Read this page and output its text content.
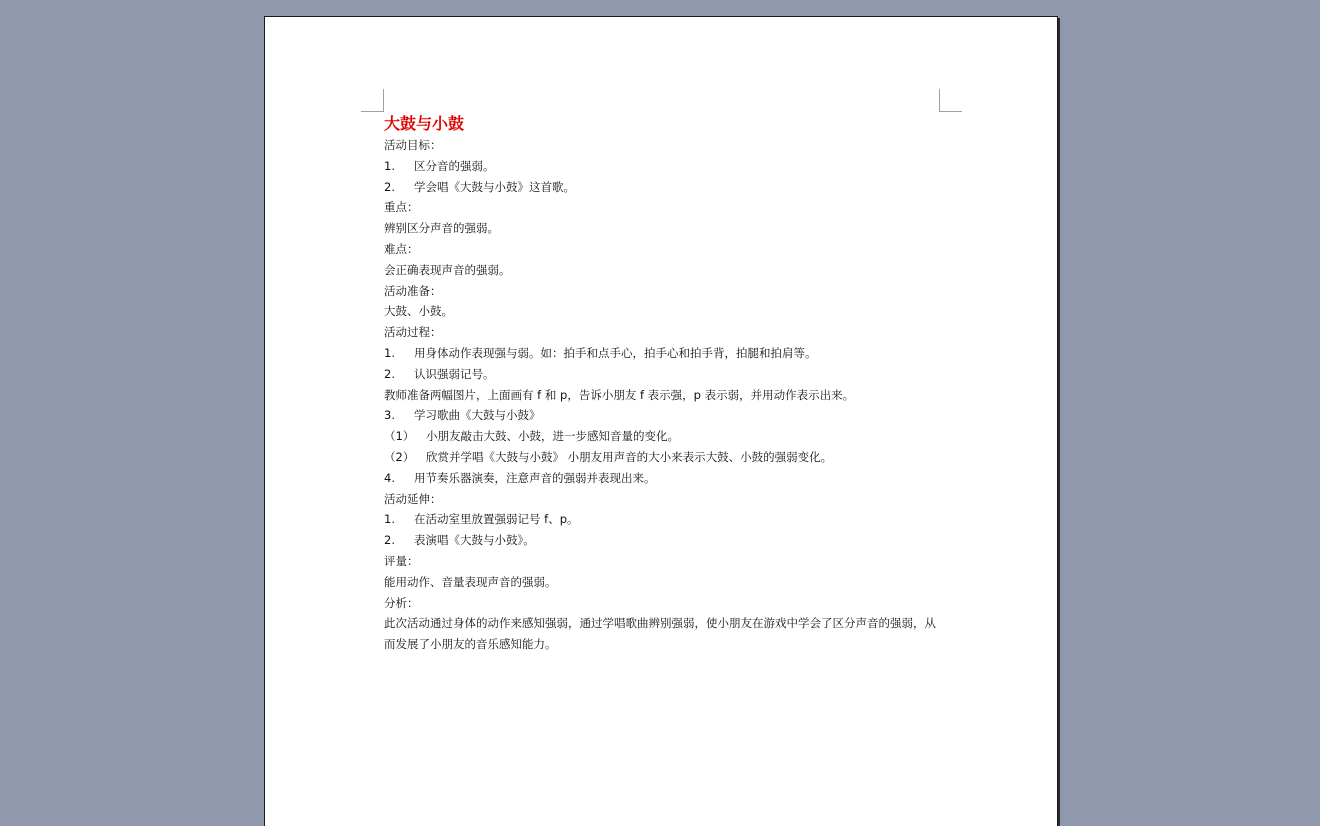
大鼓与小鼓
活动目标：
1. 区分音的强弱。
2. 学会唱《大鼓与小鼓》这首歌。
重点：
辨别区分声音的强弱。
难点：
会正确表现声音的强弱。
活动准备：
大鼓、小鼓。
活动过程：
1. 用身体动作表现强与弱。如：拍手和点手心，拍手心和拍手背，拍腿和拍肩等。
2. 认识强弱记号。
教师准备两幅图片，上面画有 f 和 p，告诉小朋友 f 表示强，p 表示弱，并用动作表示出来。
3. 学习歌曲《大鼓与小鼓》
（1） 小朋友敲击大鼓、小鼓，进一步感知音量的变化。
（2） 欣赏并学唱《大鼓与小鼓》 小朋友用声音的大小来表示大鼓、小鼓的强弱变化。
4. 用节奏乐器演奏，注意声音的强弱并表现出来。
活动延伸：
1. 在活动室里放置强弱记号 f、p。
2. 表演唱《大鼓与小鼓》。
评量：
能用动作、音量表现声音的强弱。
分析：
此次活动通过身体的动作来感知强弱，通过学唱歌曲辨别强弱，使小朋友在游戏中学会了区分声音的强弱，从而发展了小朋友的音乐感知能力。
